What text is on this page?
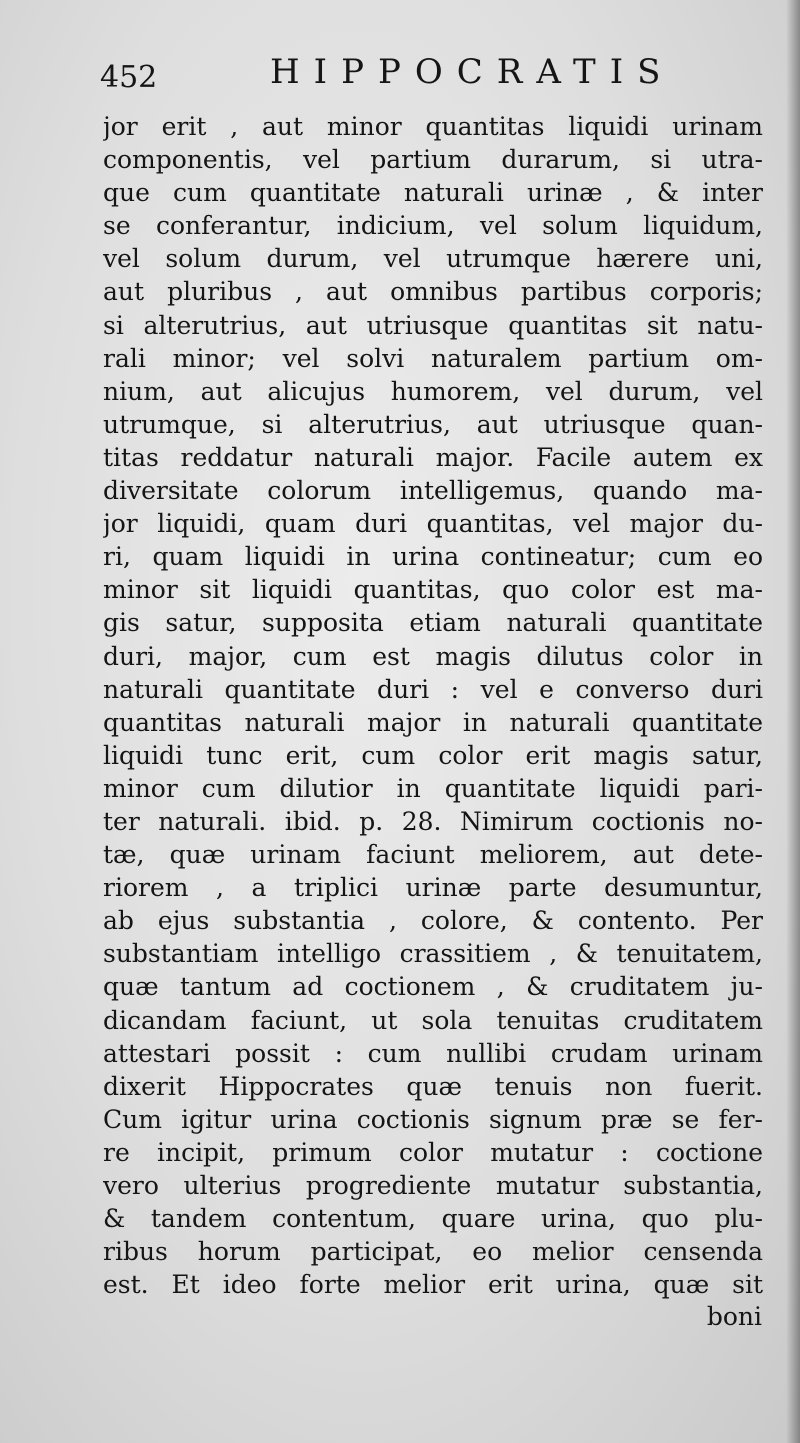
452	HIPPOCRATIS
jor erit , aut minor quantitas liquidi urinam
componentis, vel partium durarum, si utra-
que cum quantitate naturali urinæ , & inter
se conferantur, indicium, vel solum liquidum,
vel solum durum, vel utrumque hærere uni,
aut pluribus , aut omnibus partibus corporis;
si alterutrius, aut utriusque quantitas sit natu-
rali minor; vel solvi naturalem partium om-
nium, aut alicujus humorem, vel durum, vel
utrumque, si alterutrius, aut utriusque quan-
titas reddatur naturali major. Facile autem ex
diversitate colorum intelligemus, quando ma-
jor liquidi, quam duri quantitas, vel major du-
ri, quam liquidi in urina contineatur; cum eo
minor sit liquidi quantitas, quo color est ma-
gis satur, supposita etiam naturali quantitate
duri, major, cum est magis dilutus color in
naturali quantitate duri : vel e converso duri
quantitas naturali major in naturali quantitate
liquidi tunc erit, cum color erit magis satur,
minor cum dilutior in quantitate liquidi pari-
ter naturali. ibid. p. 28. Nimirum coctionis no-
tæ, quæ urinam faciunt meliorem, aut dete-
riorem , a triplici urinæ parte desumuntur,
ab ejus substantia , colore, & contento. Per
substantiam intelligo crassitiem , & tenuitatem,
quæ tantum ad coctionem , & cruditatem ju-
dicandam faciunt, ut sola tenuitas cruditatem
attestari possit : cum nullibi crudam urinam
dixerit Hippocrates quæ tenuis non fuerit.
Cum igitur urina coctionis signum præ se fer-
re incipit, primum color mutatur : coctione
vero ulterius progrediente mutatur substantia,
& tandem contentum, quare urina, quo plu-
ribus horum participat, eo melior censenda
est. Et ideo forte melior erit urina, quæ sit
boni
